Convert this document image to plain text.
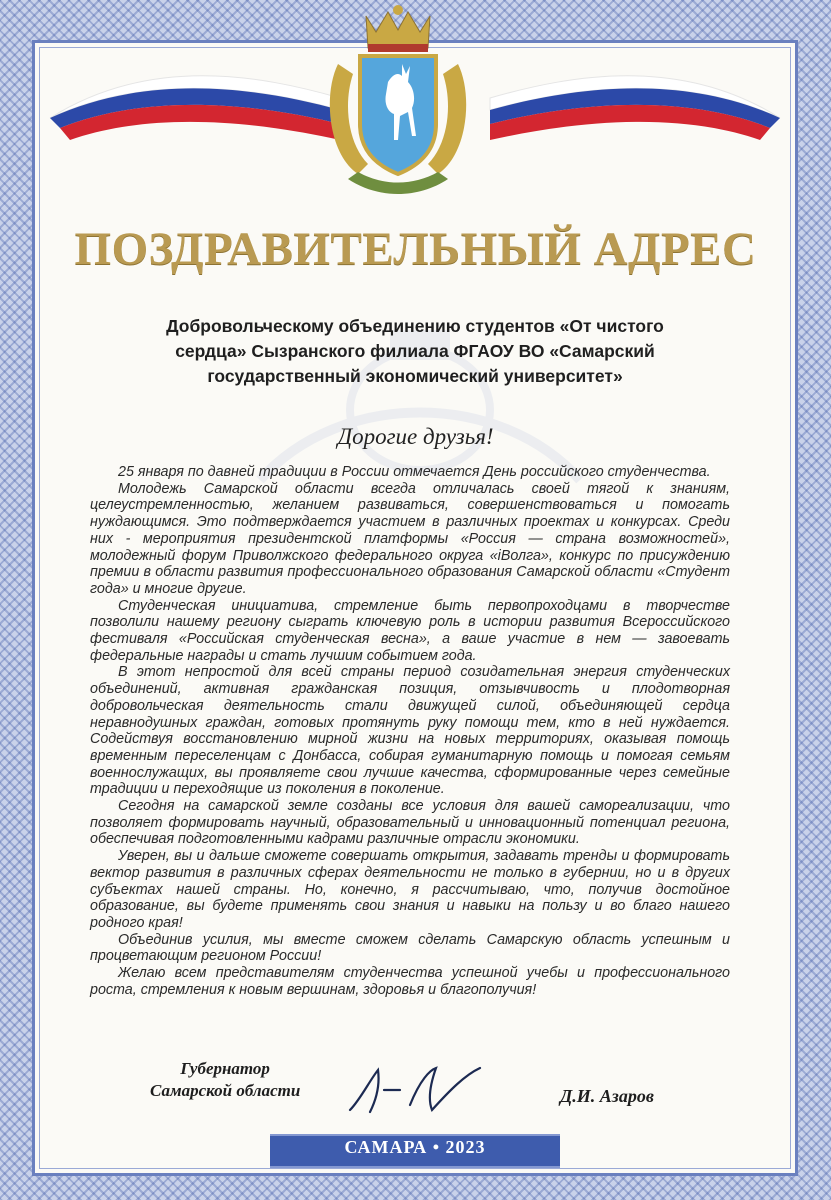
ПОЗДРАВИТЕЛЬНЫЙ АДРЕС
Добровольческому объединению студентов «От чистого
сердца» Сызранского филиала ФГАОУ ВО «Самарский
государственный экономический университет»
Дорогие друзья!

25 января по давней традиции в России отмечается День российского студенчества.

Молодежь Самарской области всегда отличалась своей тягой к знаниям, целеустремленностью, желанием развиваться, совершенствоваться и помогать нуждающимся. Это подтверждается участием в различных проектах и конкурсах. Среди них - мероприятия президентской платформы «Россия — страна возможностей», молодежный форум Приволжского федерального округа «iВолга», конкурс по присуждению премии в области развития профессионального образования Самарской области «Студент года» и многие другие.

Студенческая инициатива, стремление быть первопроходцами в творчестве позволили нашему региону сыграть ключевую роль в истории развития Всероссийского фестиваля «Российская студенческая весна», а ваше участие в нем — завоевать федеральные награды и стать лучшим событием года.

В этот непростой для всей страны период созидательная энергия студенческих объединений, активная гражданская позиция, отзывчивость и плодотворная добровольческая деятельность стали движущей силой, объединяющей сердца неравнодушных граждан, готовых протянуть руку помощи тем, кто в ней нуждается. Содействуя восстановлению мирной жизни на новых территориях, оказывая помощь временным переселенцам с Донбасса, собирая гуманитарную помощь и помогая семьям военнослужащих, вы проявляете свои лучшие качества, сформированные через семейные традиции и переходящие из поколения в поколение.

Сегодня на самарской земле созданы все условия для вашей самореализации, что позволяет формировать научный, образовательный и инновационный потенциал региона, обеспечивая подготовленными кадрами различные отрасли экономики.

Уверен, вы и дальше сможете совершать открытия, задавать тренды и формировать вектор развития в различных сферах деятельности не только в губернии, но и в других субъектах нашей страны. Но, конечно, я рассчитываю, что, получив достойное образование, вы будете применять свои знания и навыки на пользу и во благо нашего родного края!

Объединив усилия, мы вместе сможем сделать Самарскую область успешным и процветающим регионом России!

Желаю всем представителям студенчества успешной учебы и профессионального роста, стремления к новым вершинам, здоровья и благополучия!

Губернатор
Самарской области	Д.И. Азаров
САМАРА • 2023
